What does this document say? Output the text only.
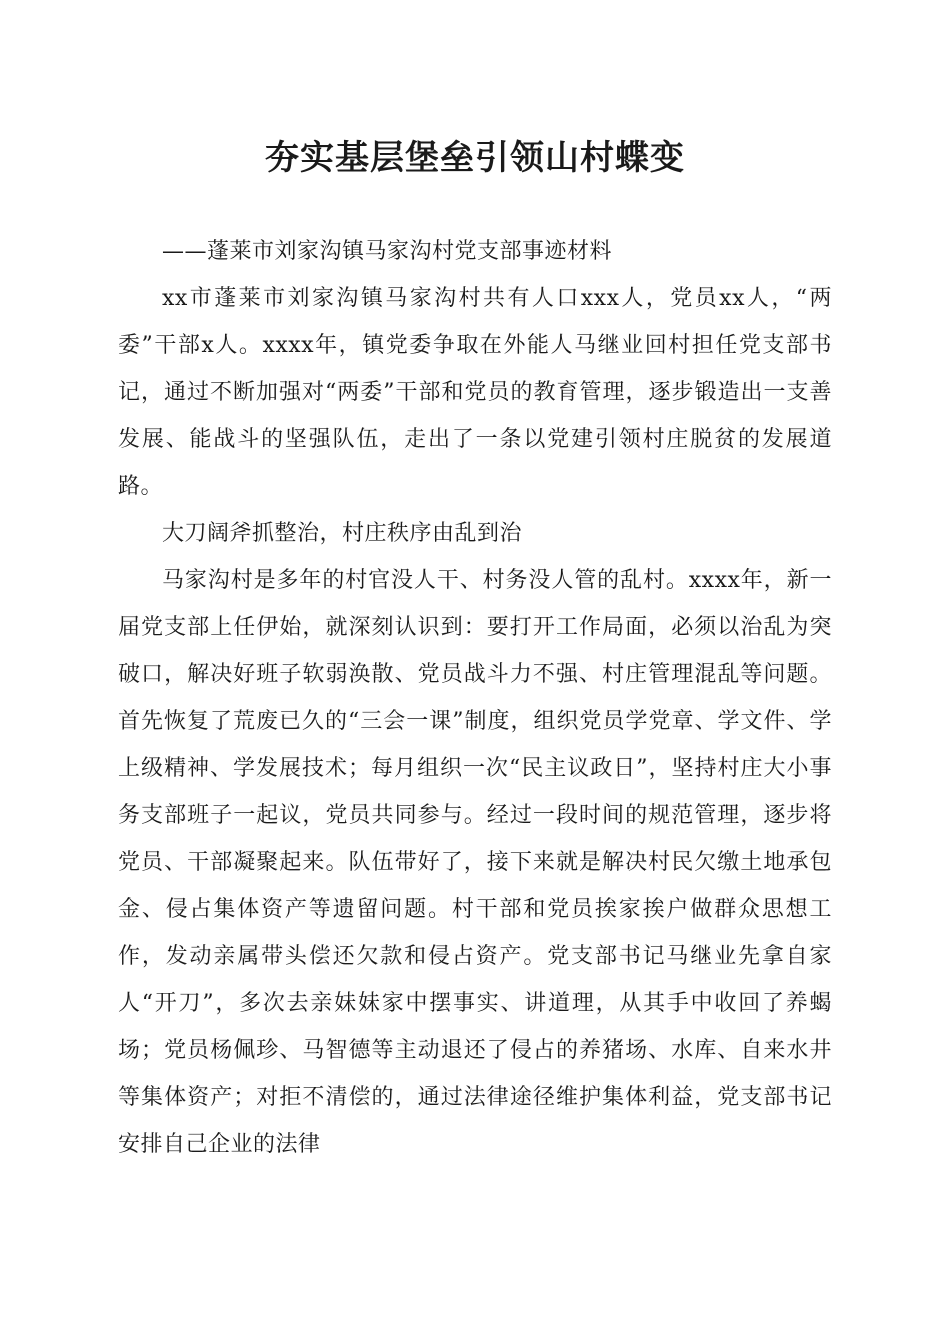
夯实基层堡垒引领山村蝶变

——蓬莱市刘家沟镇马家沟村党支部事迹材料

xx市蓬莱市刘家沟镇马家沟村共有人口xxx人，党员xx人，“两委”干部x人。xxxx年，镇党委争取在外能人马继业回村担任党支部书记，通过不断加强对“两委”干部和党员的教育管理，逐步锻造出一支善发展、能战斗的坚强队伍，走出了一条以党建引领村庄脱贫的发展道路。

大刀阔斧抓整治，村庄秩序由乱到治

马家沟村是多年的村官没人干、村务没人管的乱村。xxxx年，新一届党支部上任伊始，就深刻认识到：要打开工作局面，必须以治乱为突破口，解决好班子软弱涣散、党员战斗力不强、村庄管理混乱等问题。首先恢复了荒废已久的“三会一课”制度，组织党员学党章、学文件、学上级精神、学发展技术；每月组织一次“民主议政日”，坚持村庄大小事务支部班子一起议，党员共同参与。经过一段时间的规范管理，逐步将党员、干部凝聚起来。队伍带好了，接下来就是解决村民欠缴土地承包金、侵占集体资产等遗留问题。村干部和党员挨家挨户做群众思想工作，发动亲属带头偿还欠款和侵占资产。党支部书记马继业先拿自家人“开刀”，多次去亲妹妹家中摆事实、讲道理，从其手中收回了养蝎场；党员杨佩珍、马智德等主动退还了侵占的养猪场、水库、自来水井等集体资产；对拒不清偿的，通过法律途径维护集体利益，党支部书记安排自己企业的法律
